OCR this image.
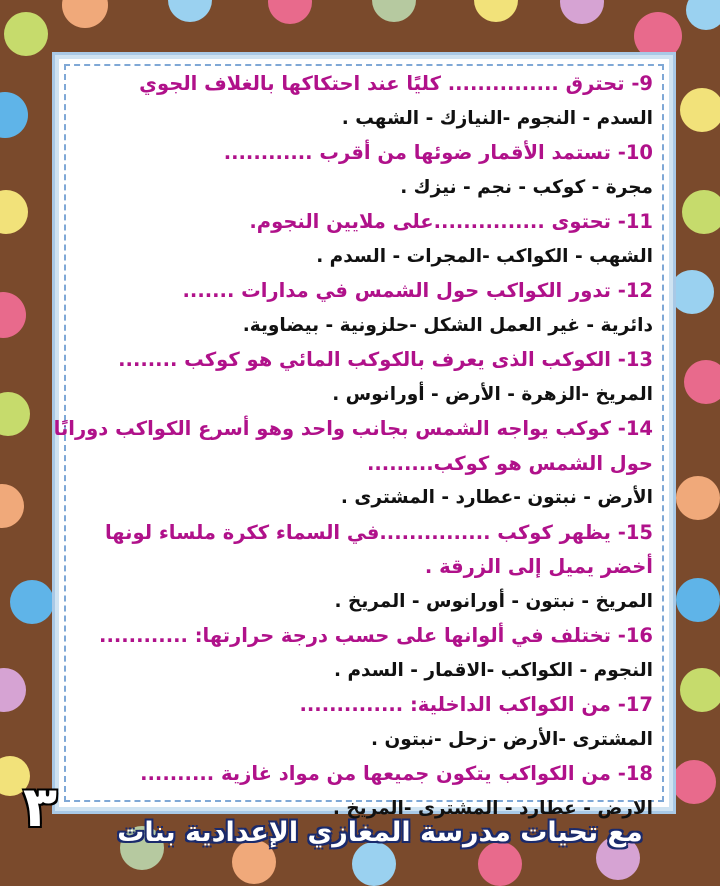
9- تحترق ............... كليًا عند احتكاكها بالغلاف الجوي
السدم - النجوم -النيازك - الشهب .
10- تستمد الأقمار ضوئها من أقرب ............
مجرة - كوكب - نجم - نيزك .
11- تحتوى ...............على ملايين النجوم.
الشهب - الكواكب -المجرات - السدم .
12- تدور الكواكب حول الشمس في مدارات .......
دائرية - غير العمل الشكل -حلزونية - بيضاوية.
13- الكوكب الذى يعرف بالكوكب المائي هو كوكب ........
المريخ -الزهرة - الأرض - أورانوس .
14- كوكب يواجه الشمس بجانب واحد وهو أسرع الكواكب دورانًا
حول الشمس هو كوكب.........
الأرض - نبتون -عطارد - المشترى .
15- يظهر كوكب ...............في السماء ككرة ملساء لونها
أخضر يميل إلى الزرقة .
المريخ - نبتون - أورانوس - المريخ .
16- تختلف في ألوانها على حسب درجة حرارتها: ............
النجوم - الكواكب -الاقمار - السدم .
17- من الكواكب الداخلية: ..............
المشترى -الأرض -زحل -نبتون .
18- من الكواكب يتكون جميعها من مواد غازية ..........
الارض - عطارد - المشترى -المريخ .
٣	مع تحيات مدرسة المغازي الإعدادية بنات
